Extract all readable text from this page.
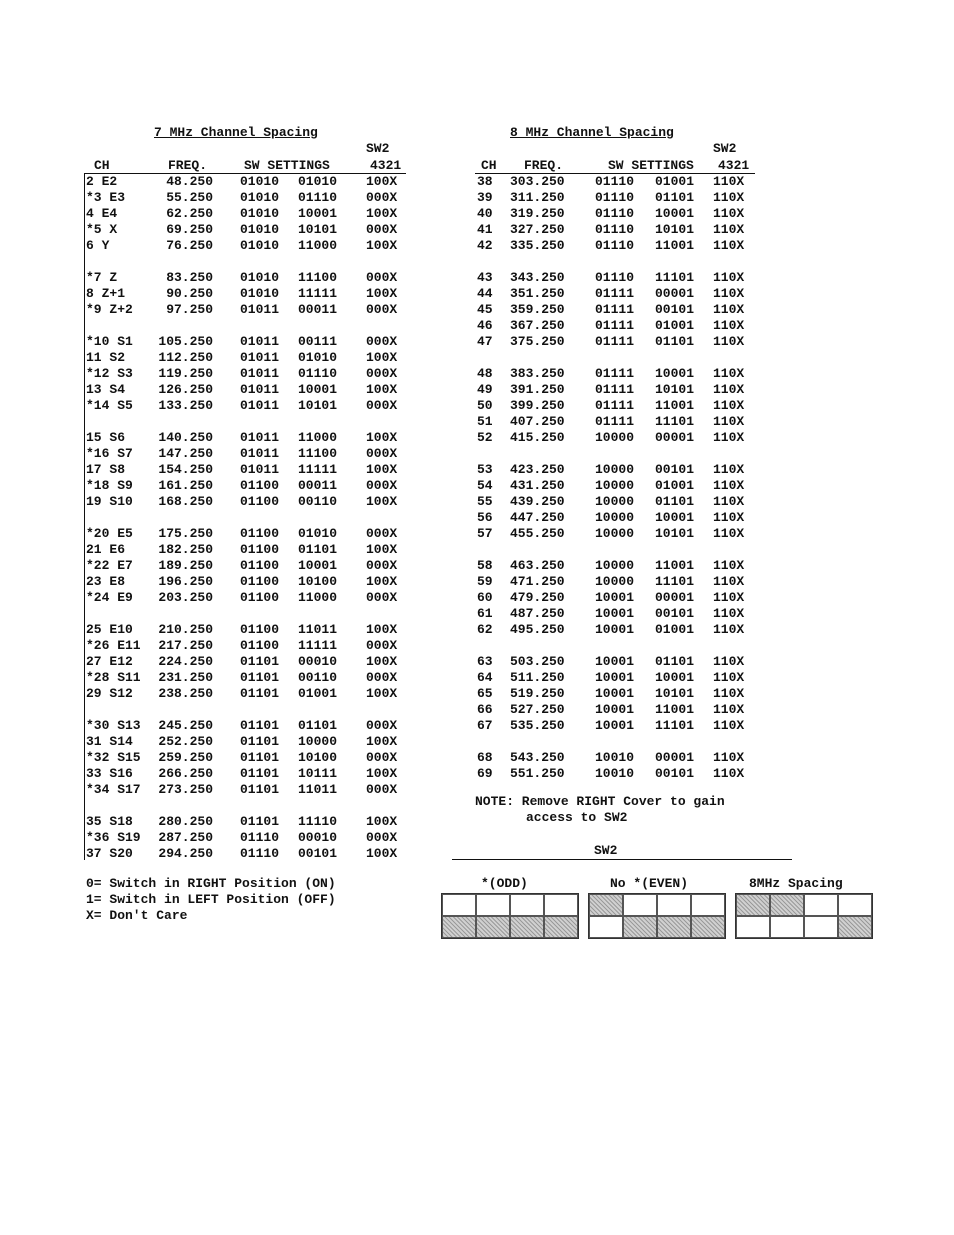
7 MHz Channel Spacing	8 MHz Channel Spacing
SW2	SW2
CH	FREQ.	SW SETTINGS	4321	CH FREQ.	SW SETTINGS 4321
2 E2	48.250 01010 01010 100X
*3 E3	55.250 01010 01110 000X
4 E4	62.250 01010 10001 100X
*5 X	69.250 01010 10101 000X
6 Y	76.250 01010 11000 100X
*7 Z	83.250 01010 11100 000X
8 Z+1	90.250 01010 11111 100X
*9 Z+2	97.250 01011 00011 000X
*10 S1	105.250 01011 00111 000X
11 S2	112.250 01011 01010 100X
*12 S3	119.250 01011 01110 000X
13 S4	126.250 01011 10001 100X
*14 S5	133.250 01011 10101 000X
15 S6	140.250 01011 11000 100X
*16 S7	147.250 01011 11100 000X
17 S8	154.250 01011 11111 100X
*18 S9	161.250 01100 00011 000X
19 S10	168.250 01100 00110 100X
*20 E5	175.250 01100 01010 000X
21 E6	182.250 01100 01101 100X
*22 E7	189.250 01100 10001 000X
23 E8	196.250 01100 10100 100X
*24 E9	203.250 01100 11000 000X
25 E10	210.250 01100 11011 100X
*26 E11	217.250 01100 11111 000X
27 E12	224.250 01101 00010 100X
*28 S11	231.250 01101 00110 000X
29 S12	238.250 01101 01001 100X
*30 S13	245.250 01101 01101 000X
31 S14	252.250 01101 10000 100X
*32 S15	259.250 01101 10100 000X
33 S16	266.250 01101 10111 100X
*34 S17	273.250 01101 11011 000X
35 S18	280.250 01101 11110 100X
*36 S19	287.250 01110 00010 000X
37 S20	294.250 01110 00101 100X
38 303.250 01110 01001 110X
39 311.250 01110 01101 110X
40 319.250 01110 10001 110X
41 327.250 01110 10101 110X
42 335.250 01110 11001 110X
43 343.250 01110 11101 110X
44 351.250 01111 00001 110X
45 359.250 01111 00101 110X
46 367.250 01111 01001 110X
47 375.250 01111 01101 110X
48 383.250 01111 10001 110X
49 391.250 01111 10101 110X
50 399.250 01111 11001 110X
51 407.250 01111 11101 110X
52 415.250 10000 00001 110X
53 423.250 10000 00101 110X
54 431.250 10000 01001 110X
55 439.250 10000 01101 110X
56 447.250 10000 10001 110X
57 455.250 10000 10101 110X
58 463.250 10000 11001 110X
59 471.250 10000 11101 110X
60 479.250 10001 00001 110X
61 487.250 10001 00101 110X
62 495.250 10001 01001 110X
63 503.250 10001 01101 110X
64 511.250 10001 10001 110X
65 519.250 10001 10101 110X
66 527.250 10001 11001 110X
67 535.250 10001 11101 110X
68 543.250 10010 00001 110X
69 551.250 10010 00101 110X
NOTE: Remove RIGHT Cover to gain
access to SW2
SW2
0= Switch in RIGHT Position (ON)
1= Switch in LEFT Position (OFF)
X= Don't Care
*(ODD)	No *(EVEN)	8MHz Spacing
